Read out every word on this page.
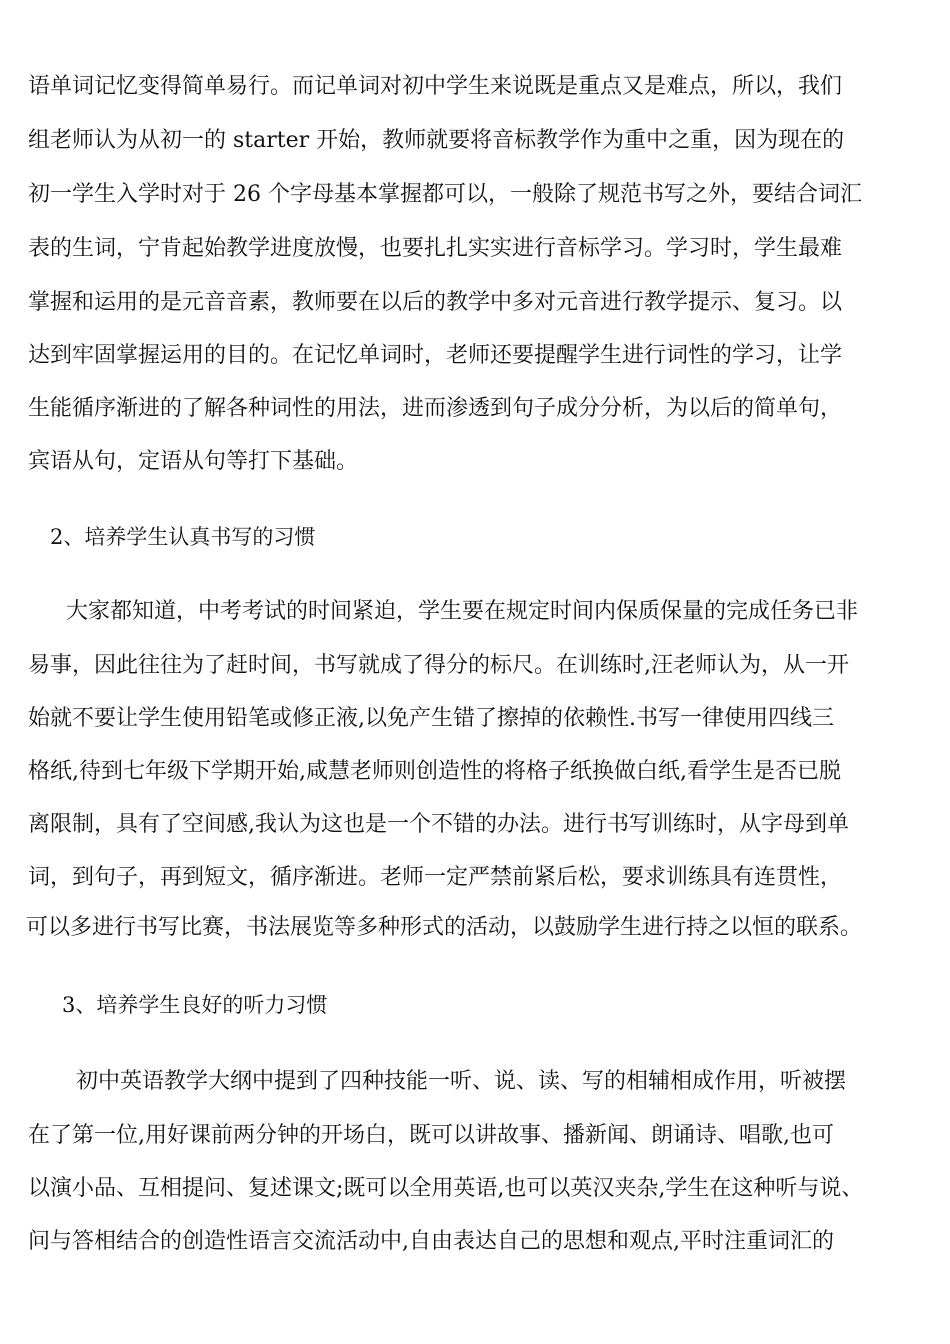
语单词记忆变得简单易行。而记单词对初中学生来说既是重点又是难点，所以，我们
组老师认为从初一的 starter 开始，教师就要将音标教学作为重中之重，因为现在的
初一学生入学时对于 26 个字母基本掌握都可以，一般除了规范书写之外，要结合词汇
表的生词，宁肯起始教学进度放慢，也要扎扎实实进行音标学习。学习时，学生最难
掌握和运用的是元音音素，教师要在以后的教学中多对元音进行教学提示、复习。以
达到牢固掌握运用的目的。在记忆单词时，老师还要提醒学生进行词性的学习，让学
生能循序渐进的了解各种词性的用法，进而渗透到句子成分分析，为以后的简单句，
宾语从句，定语从句等打下基础。
2、培养学生认真书写的习惯
大家都知道，中考考试的时间紧迫，学生要在规定时间内保质保量的完成任务已非
易事，因此往往为了赶时间，书写就成了得分的标尺。在训练时,汪老师认为，从一开
始就不要让学生使用铅笔或修正液,以免产生错了擦掉的依赖性.书写一律使用四线三
格纸,待到七年级下学期开始,咸慧老师则创造性的将格子纸换做白纸,看学生是否已脱
离限制，具有了空间感,我认为这也是一个不错的办法。进行书写训练时，从字母到单
词，到句子，再到短文，循序渐进。老师一定严禁前紧后松，要求训练具有连贯性，
可以多进行书写比赛，书法展览等多种形式的活动，以鼓励学生进行持之以恒的联系。
3、培养学生良好的听力习惯
初中英语教学大纲中提到了四种技能一听、说、读、写的相辅相成作用，听被摆
在了第一位,用好课前两分钟的开场白，既可以讲故事、播新闻、朗诵诗、唱歌,也可
以演小品、互相提问、复述课文;既可以全用英语,也可以英汉夹杂,学生在这种听与说、
问与答相结合的创造性语言交流活动中,自由表达自己的思想和观点,平时注重词汇的
